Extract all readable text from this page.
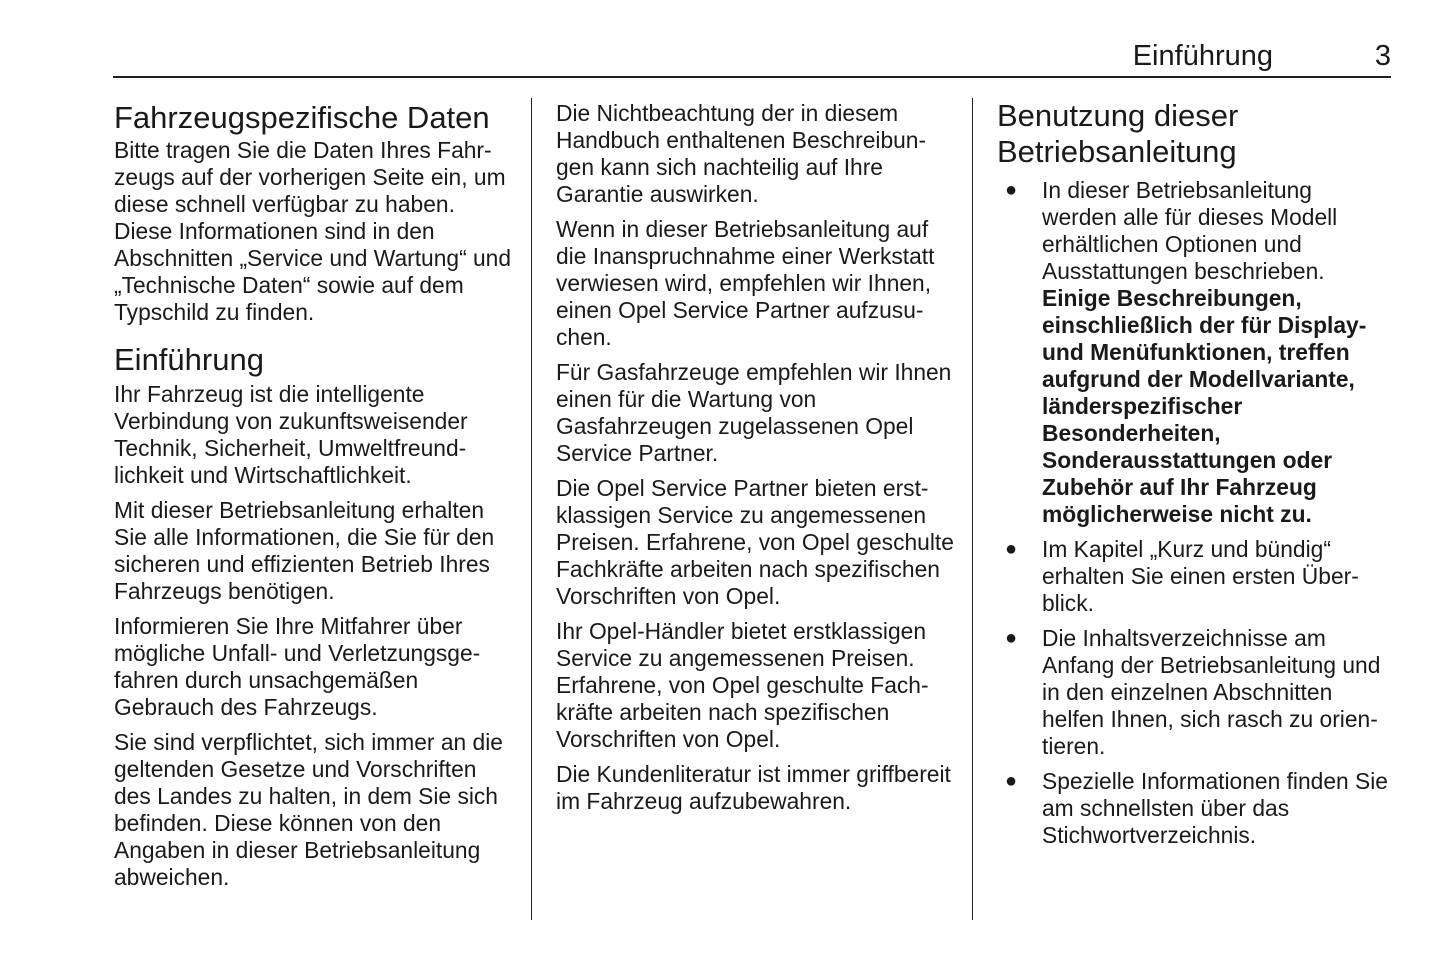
Einführung	3
Fahrzeugspezifische Daten

Bitte tragen Sie die Daten Ihres Fahrzeugs auf der vorherigen Seite ein, um diese schnell verfügbar zu haben. Diese Informationen sind in den Abschnitten „Service und Wartung“ und „Technische Daten“ sowie auf dem Typschild zu finden.

Einführung

Ihr Fahrzeug ist die intelligente Verbindung von zukunftsweisender Technik, Sicherheit, Umweltfreundlichkeit und Wirtschaftlichkeit.

Mit dieser Betriebsanleitung erhalten Sie alle Informationen, die Sie für den sicheren und effizienten Betrieb Ihres Fahrzeugs benötigen.

Informieren Sie Ihre Mitfahrer über mögliche Unfall- und Verletzungsgefahren durch unsachgemäßen Gebrauch des Fahrzeugs.

Sie sind verpflichtet, sich immer an die geltenden Gesetze und Vorschriften des Landes zu halten, in dem Sie sich befinden. Diese können von den Angaben in dieser Betriebsanleitung abweichen.

Die Nichtbeachtung der in diesem Handbuch enthaltenen Beschreibungen kann sich nachteilig auf Ihre Garantie auswirken.

Wenn in dieser Betriebsanleitung auf die Inanspruchnahme einer Werkstatt verwiesen wird, empfehlen wir Ihnen, einen Opel Service Partner aufzusuchen.

Für Gasfahrzeuge empfehlen wir Ihnen einen für die Wartung von Gasfahrzeugen zugelassenen Opel Service Partner.

Die Opel Service Partner bieten erstklassigen Service zu angemessenen Preisen. Erfahrene, von Opel geschulte Fachkräfte arbeiten nach spezifischen Vorschriften von Opel.

Ihr Opel-Händler bietet erstklassigen Service zu angemessenen Preisen. Erfahrene, von Opel geschulte Fachkräfte arbeiten nach spezifischen Vorschriften von Opel.

Die Kundenliteratur ist immer griffbereit im Fahrzeug aufzubewahren.

Benutzung dieser Betriebsanleitung
● In dieser Betriebsanleitung werden alle für dieses Modell erhältlichen Optionen und Ausstattungen beschrieben. Einige Beschreibungen, einschließlich der für Display- und Menüfunktionen, treffen aufgrund der Modellvariante, länderspezifischer Besonderheiten, Sonderausstattungen oder Zubehör auf Ihr Fahrzeug möglicherweise nicht zu.
● Im Kapitel „Kurz und bündig“ erhalten Sie einen ersten Überblick.
● Die Inhaltsverzeichnisse am Anfang der Betriebsanleitung und in den einzelnen Abschnitten helfen Ihnen, sich rasch zu orientieren.
● Spezielle Informationen finden Sie am schnellsten über das Stichwortverzeichnis.
